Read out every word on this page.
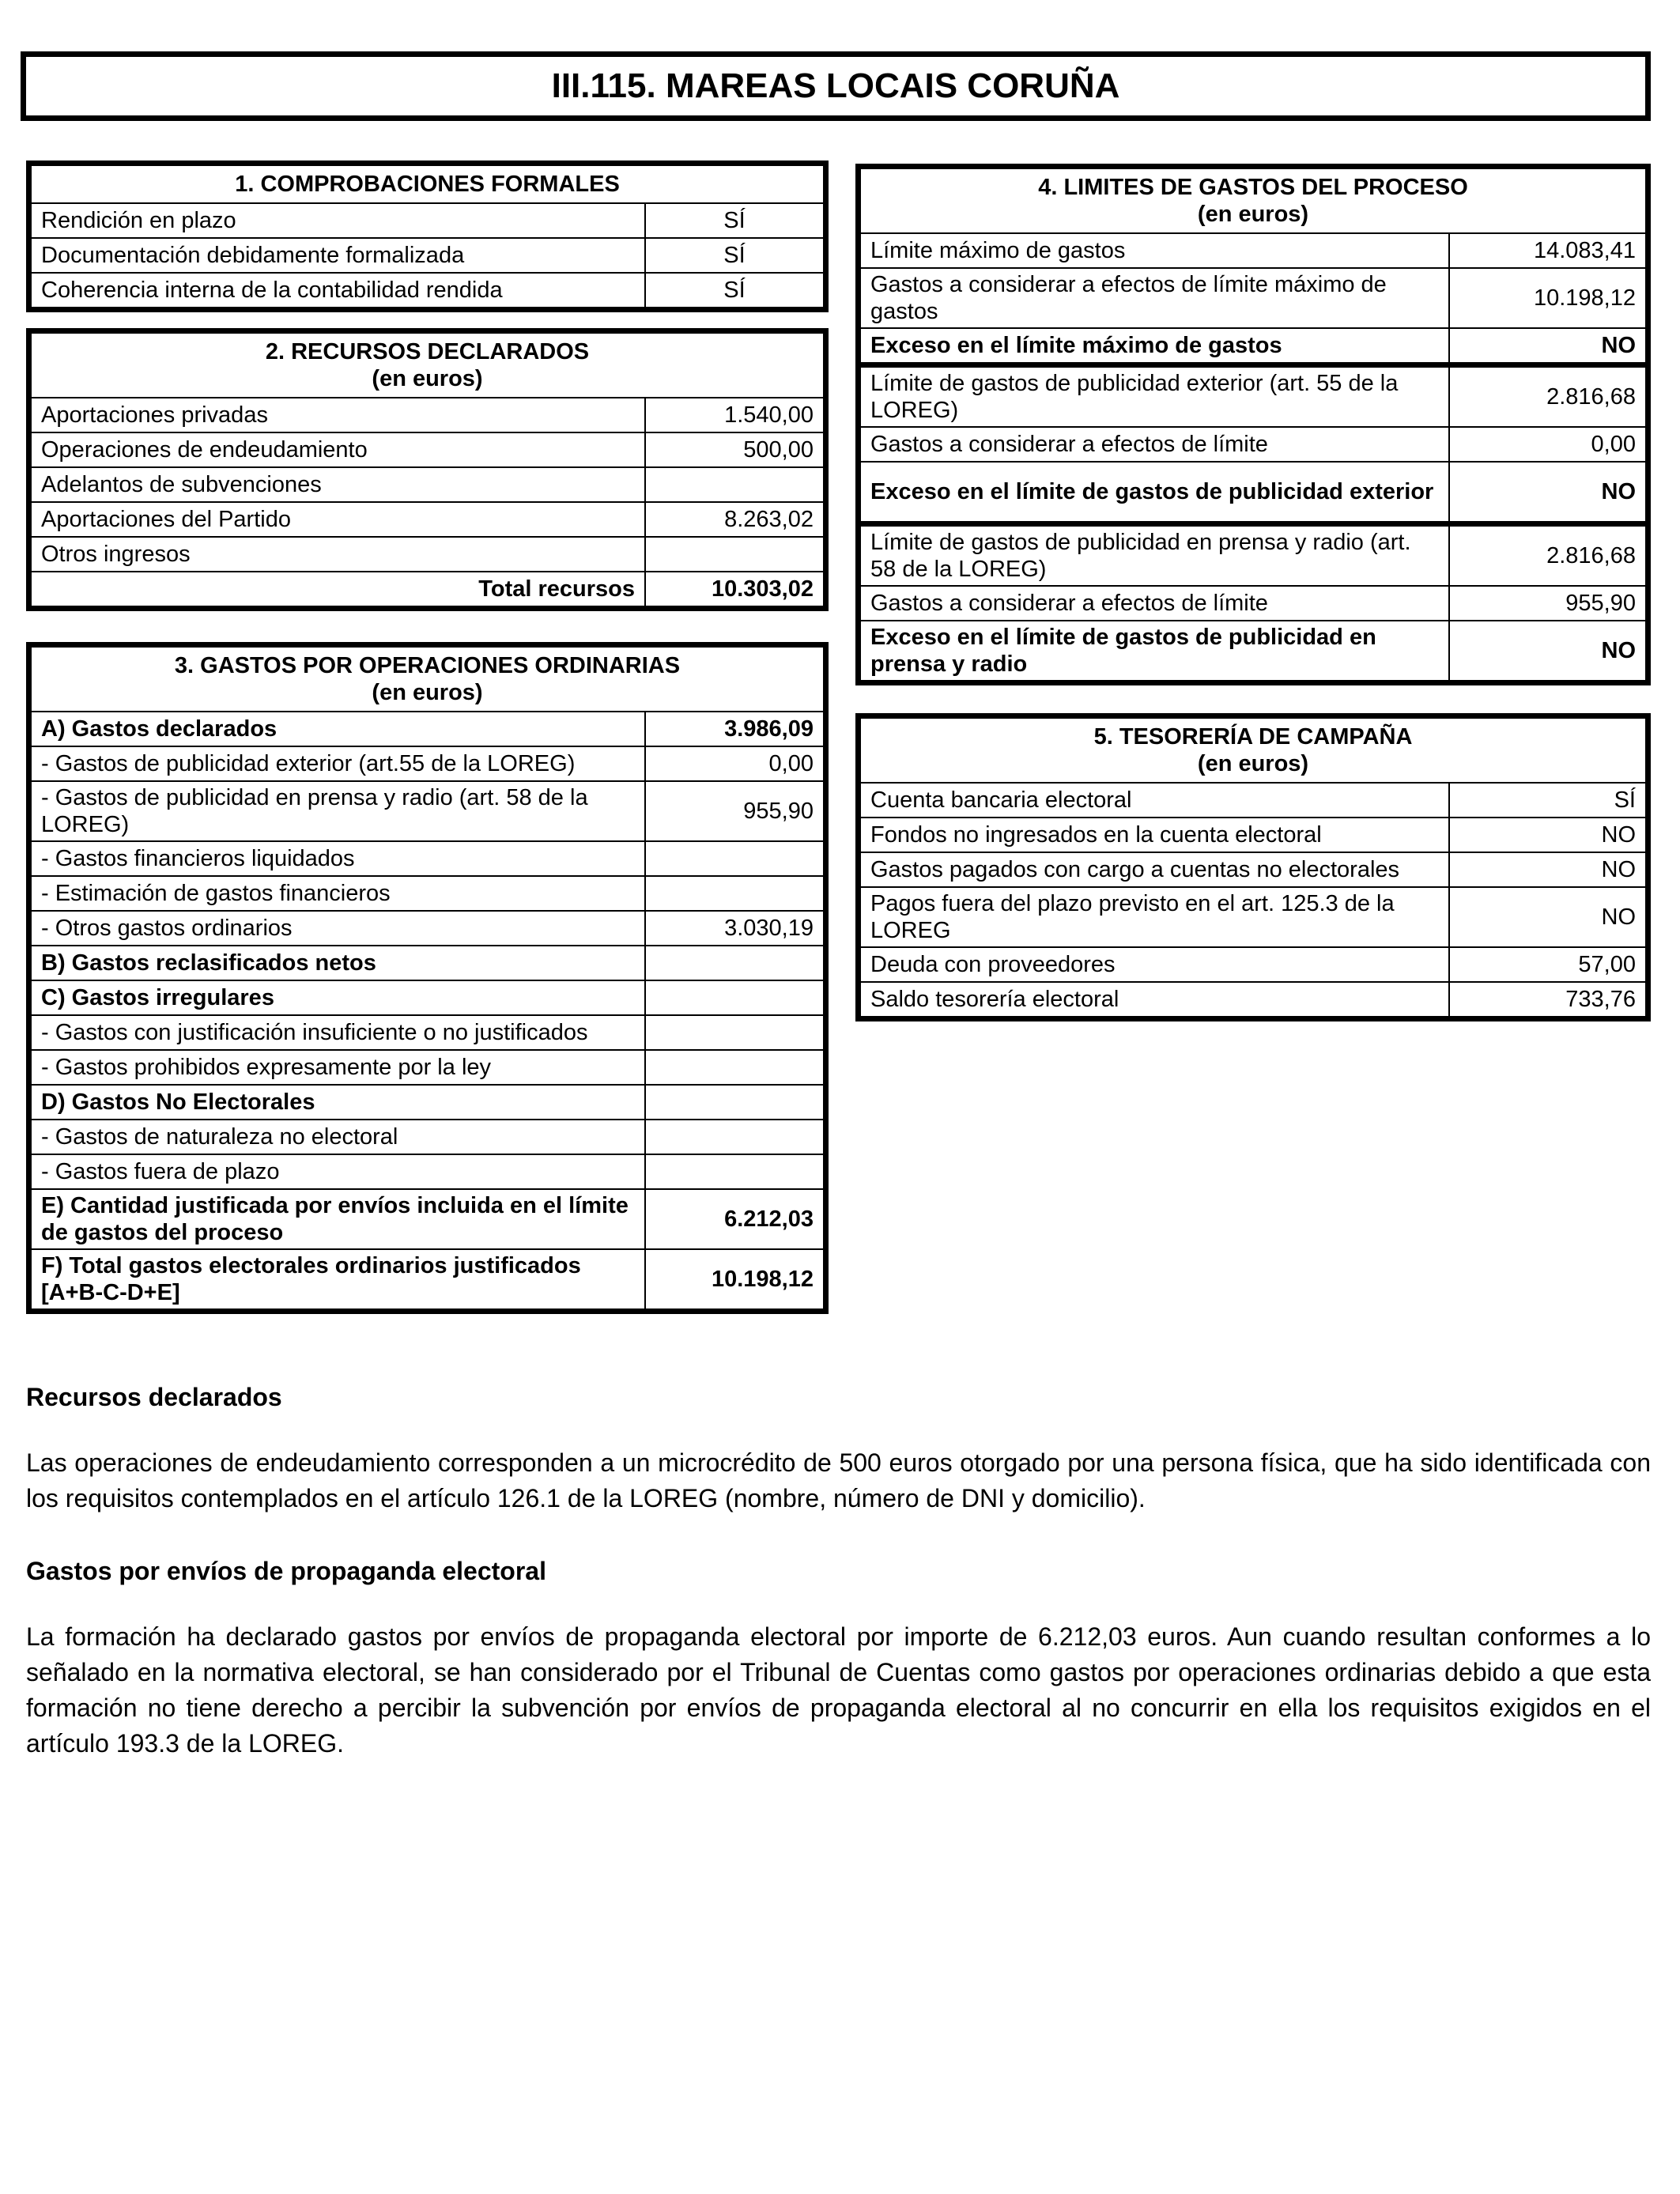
III.115. MAREAS LOCAIS CORUÑA
1. COMPROBACIONES FORMALES	
Rendición en plazo	SÍ
Documentación debidamente formalizada	SÍ
Coherencia interna de la contabilidad rendida	SÍ
2. RECURSOS DECLARADOS
(en euros)	

Aportaciones privadas	1.540,00
Operaciones de endeudamiento	500,00
Adelantos de subvenciones	
Aportaciones del Partido	8.263,02
Otros ingresos	
Total recursos	10.303,02
3. GASTOS POR OPERACIONES ORDINARIAS
(en euros)	

A) Gastos declarados	3.986,09
- Gastos de publicidad exterior (art.55 de la LOREG)	0,00
- Gastos de publicidad en prensa y radio (art. 58 de la LOREG)	955,90
- Gastos financieros liquidados	
- Estimación de gastos financieros	
- Otros gastos ordinarios	3.030,19
B) Gastos reclasificados netos	
C) Gastos irregulares	
- Gastos con justificación insuficiente o no justificados	
- Gastos prohibidos expresamente por la ley	
D) Gastos No Electorales	
- Gastos de naturaleza no electoral	
- Gastos fuera de plazo	
E) Cantidad justificada por envíos incluida en el límite de gastos del proceso	6.212,03
F) Total gastos electorales ordinarios justificados [A+B-C-D+E]	10.198,12
4. LIMITES DE GASTOS DEL PROCESO
(en euros)	

Límite máximo de gastos	14.083,41
Gastos a considerar a efectos de límite máximo de gastos	10.198,12
Exceso en el límite máximo de gastos	NO
Límite de gastos de publicidad exterior (art. 55 de la LOREG)	2.816,68
Gastos a considerar a efectos de límite	0,00
Exceso en el límite de gastos de publicidad exterior	NO
Límite de gastos de publicidad en prensa y radio (art. 58 de la LOREG)	2.816,68
Gastos a considerar a efectos de límite	955,90
Exceso en el límite de gastos de publicidad en prensa y radio	NO
5. TESORERÍA DE CAMPAÑA
(en euros)	

Cuenta bancaria electoral	SÍ
Fondos no ingresados en la cuenta electoral	NO
Gastos pagados con cargo a cuentas no electorales	NO
Pagos fuera del plazo previsto en el art. 125.3 de la LOREG	NO
Deuda con proveedores	57,00
Saldo tesorería electoral	733,76

Recursos declarados

Las operaciones de endeudamiento corresponden a un microcrédito de 500 euros otorgado por una persona física, que ha sido identificada con los requisitos contemplados en el artículo 126.1 de la LOREG (nombre, número de DNI y domicilio).

Gastos por envíos de propaganda electoral

La formación ha declarado gastos por envíos de propaganda electoral por importe de 6.212,03 euros. Aun cuando resultan conformes a lo señalado en la normativa electoral, se han considerado por el Tribunal de Cuentas como gastos por operaciones ordinarias debido a que esta formación no tiene derecho a percibir la subvención por envíos de propaganda electoral al no concurrir en ella los requisitos exigidos en el artículo 193.3 de la LOREG.
